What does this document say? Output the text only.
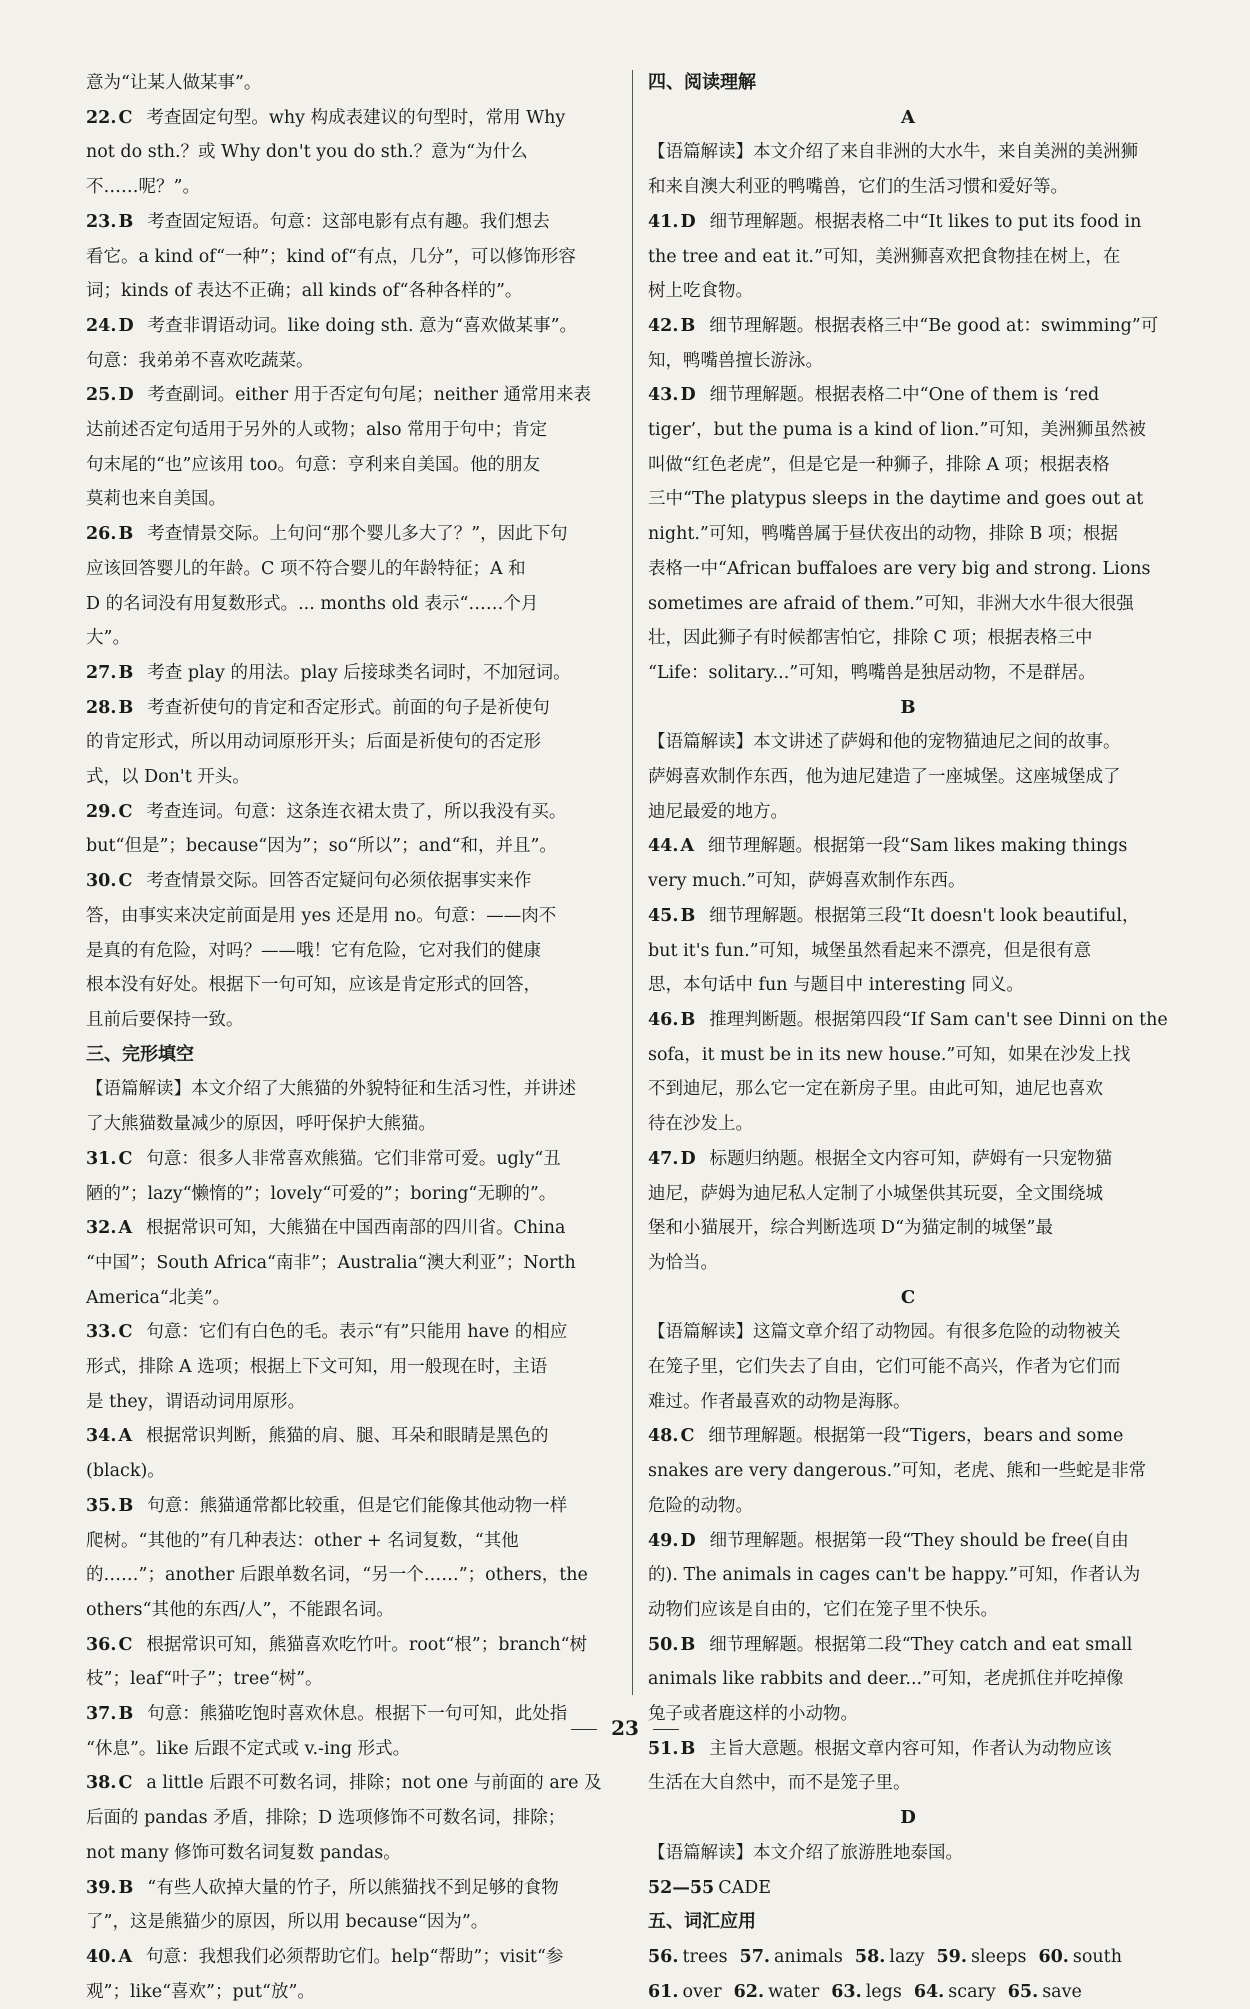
意为“让某人做某事”。
22. C 考查固定句型。why 构成表建议的句型时，常用 Why
not do sth.？或 Why don't you do sth.？意为“为什么
不……呢？”。
23. B 考查固定短语。句意：这部电影有点有趣。我们想去
看它。a kind of“一种”；kind of“有点，几分”，可以修饰形容
词；kinds of 表达不正确；all kinds of“各种各样的”。
24. D 考查非谓语动词。like doing sth. 意为“喜欢做某事”。
句意：我弟弟不喜欢吃蔬菜。
25. D 考查副词。either 用于否定句句尾；neither 通常用来表
达前述否定句适用于另外的人或物；also 常用于句中；肯定
句末尾的“也”应该用 too。句意：亨利来自美国。他的朋友
莫莉也来自美国。
26. B 考查情景交际。上句问“那个婴儿多大了？”，因此下句
应该回答婴儿的年龄。C 项不符合婴儿的年龄特征；A 和
D 的名词没有用复数形式。... months old 表示“……个月
大”。
27. B 考查 play 的用法。play 后接球类名词时，不加冠词。
28. B 考查祈使句的肯定和否定形式。前面的句子是祈使句
的肯定形式，所以用动词原形开头；后面是祈使句的否定形
式，以 Don't 开头。
29. C 考查连词。句意：这条连衣裙太贵了，所以我没有买。
but“但是”；because“因为”；so“所以”；and“和，并且”。
30. C 考查情景交际。回答否定疑问句必须依据事实来作
答，由事实来决定前面是用 yes 还是用 no。句意：——肉不
是真的有危险，对吗？——哦！它有危险，它对我们的健康
根本没有好处。根据下一句可知，应该是肯定形式的回答，
且前后要保持一致。
三、完形填空
【语篇解读】本文介绍了大熊猫的外貌特征和生活习性，并讲述
了大熊猫数量减少的原因，呼吁保护大熊猫。
31. C 句意：很多人非常喜欢熊猫。它们非常可爱。ugly“丑
陋的”；lazy“懒惰的”；lovely“可爱的”；boring“无聊的”。
32. A 根据常识可知，大熊猫在中国西南部的四川省。China
“中国”；South Africa“南非”；Australia“澳大利亚”；North
America“北美”。
33. C 句意：它们有白色的毛。表示“有”只能用 have 的相应
形式，排除 A 选项；根据上下文可知，用一般现在时，主语
是 they，谓语动词用原形。
34. A 根据常识判断，熊猫的肩、腿、耳朵和眼睛是黑色的
(black)。
35. B 句意：熊猫通常都比较重，但是它们能像其他动物一样
爬树。“其他的”有几种表达：other + 名词复数，“其他
的……”；another 后跟单数名词，“另一个……”；others，the
others“其他的东西/人”，不能跟名词。
36. C 根据常识可知，熊猫喜欢吃竹叶。root“根”；branch“树
枝”；leaf“叶子”；tree“树”。
37. B 句意：熊猫吃饱时喜欢休息。根据下一句可知，此处指
“休息”。like 后跟不定式或 v.-ing 形式。
38. C a little 后跟不可数名词，排除；not one 与前面的 are 及
后面的 pandas 矛盾，排除；D 选项修饰不可数名词，排除；
not many 修饰可数名词复数 pandas。
39. B “有些人砍掉大量的竹子，所以熊猫找不到足够的食物
了”，这是熊猫少的原因，所以用 because“因为”。
40. A 句意：我想我们必须帮助它们。help“帮助”；visit“参
观”；like“喜欢”；put“放”。
四、阅读理解
A
【语篇解读】本文介绍了来自非洲的大水牛，来自美洲的美洲狮
和来自澳大利亚的鸭嘴兽，它们的生活习惯和爱好等。
41. D 细节理解题。根据表格二中“It likes to put its food in
the tree and eat it.”可知，美洲狮喜欢把食物挂在树上，在
树上吃食物。
42. B 细节理解题。根据表格三中“Be good at：swimming”可
知，鸭嘴兽擅长游泳。
43. D 细节理解题。根据表格二中“One of them is ‘red
tiger’，but the puma is a kind of lion.”可知，美洲狮虽然被
叫做“红色老虎”，但是它是一种狮子，排除 A 项；根据表格
三中“The platypus sleeps in the daytime and goes out at
night.”可知，鸭嘴兽属于昼伏夜出的动物，排除 B 项；根据
表格一中“African buffaloes are very big and strong. Lions
sometimes are afraid of them.”可知，非洲大水牛很大很强
壮，因此狮子有时候都害怕它，排除 C 项；根据表格三中
“Life：solitary...”可知，鸭嘴兽是独居动物，不是群居。
B
【语篇解读】本文讲述了萨姆和他的宠物猫迪尼之间的故事。
萨姆喜欢制作东西，他为迪尼建造了一座城堡。这座城堡成了
迪尼最爱的地方。
44. A 细节理解题。根据第一段“Sam likes making things
very much.”可知，萨姆喜欢制作东西。
45. B 细节理解题。根据第三段“It doesn't look beautiful，
but it's fun.”可知，城堡虽然看起来不漂亮，但是很有意
思，本句话中 fun 与题目中 interesting 同义。
46. B 推理判断题。根据第四段“If Sam can't see Dinni on the
sofa，it must be in its new house.”可知，如果在沙发上找
不到迪尼，那么它一定在新房子里。由此可知，迪尼也喜欢
待在沙发上。
47. D 标题归纳题。根据全文内容可知，萨姆有一只宠物猫
迪尼，萨姆为迪尼私人定制了小城堡供其玩耍，全文围绕城
堡和小猫展开，综合判断选项 D“为猫定制的城堡”最
为恰当。
C
【语篇解读】这篇文章介绍了动物园。有很多危险的动物被关
在笼子里，它们失去了自由，它们可能不高兴，作者为它们而
难过。作者最喜欢的动物是海豚。
48. C 细节理解题。根据第一段“Tigers，bears and some
snakes are very dangerous.”可知，老虎、熊和一些蛇是非常
危险的动物。
49. D 细节理解题。根据第一段“They should be free(自由
的). The animals in cages can't be happy.”可知，作者认为
动物们应该是自由的，它们在笼子里不快乐。
50. B 细节理解题。根据第二段“They catch and eat small
animals like rabbits and deer...”可知，老虎抓住并吃掉像
兔子或者鹿这样的小动物。
51. B 主旨大意题。根据文章内容可知，作者认为动物应该
生活在大自然中，而不是笼子里。
D
【语篇解读】本文介绍了旅游胜地泰国。
52—55 CADE
五、词汇应用
56. trees 57. animals 58. lazy 59. sleeps 60. south
61. over 62. water 63. legs 64. scary 65. save
23
